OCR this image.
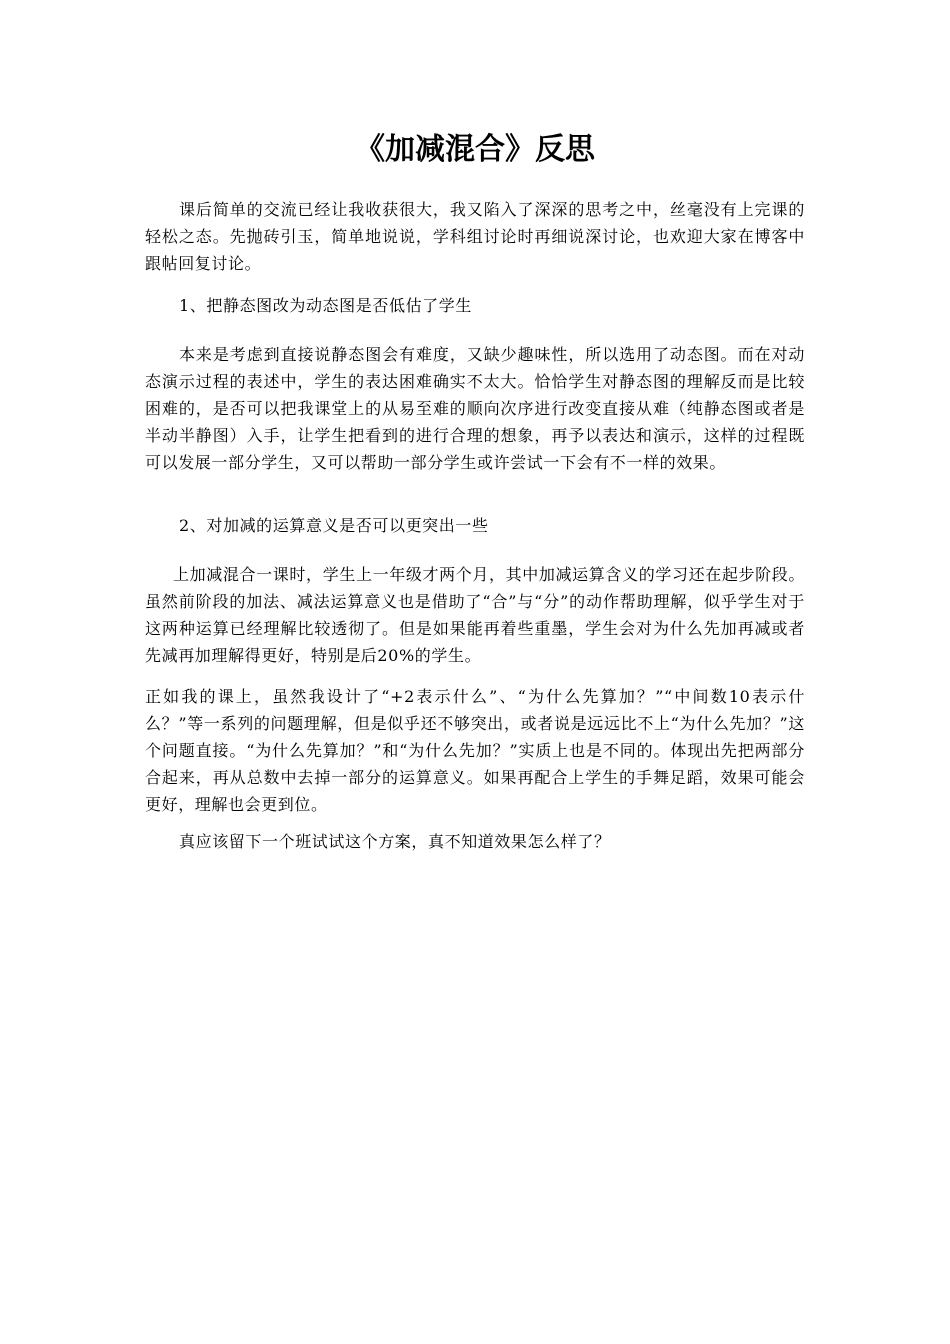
《加减混合》反思

课后简单的交流已经让我收获很大，我又陷入了深深的思考之中，丝毫没有上完课的轻松之态。先抛砖引玉，简单地说说，学科组讨论时再细说深讨论，也欢迎大家在博客中跟帖回复讨论。

1、把静态图改为动态图是否低估了学生

本来是考虑到直接说静态图会有难度，又缺少趣味性，所以选用了动态图。而在对动态演示过程的表述中，学生的表达困难确实不太大。恰恰学生对静态图的理解反而是比较困难的，是否可以把我课堂上的从易至难的顺向次序进行改变直接从难（纯静态图或者是半动半静图）入手，让学生把看到的进行合理的想象，再予以表达和演示，这样的过程既可以发展一部分学生，又可以帮助一部分学生或许尝试一下会有不一样的效果。

2、对加减的运算意义是否可以更突出一些

上加减混合一课时，学生上一年级才两个月，其中加减运算含义的学习还在起步阶段。虽然前阶段的加法、减法运算意义也是借助了“合”与“分”的动作帮助理解，似乎学生对于这两种运算已经理解比较透彻了。但是如果能再着些重墨，学生会对为什么先加再减或者先减再加理解得更好，特别是后20%的学生。

正如我的课上，虽然我设计了“+2表示什么”、“为什么先算加？”“中间数10表示什么？”等一系列的问题理解，但是似乎还不够突出，或者说是远远比不上“为什么先加？”这个问题直接。“为什么先算加？”和“为什么先加？”实质上也是不同的。体现出先把两部分合起来，再从总数中去掉一部分的运算意义。如果再配合上学生的手舞足蹈，效果可能会更好，理解也会更到位。

真应该留下一个班试试这个方案，真不知道效果怎么样了？
